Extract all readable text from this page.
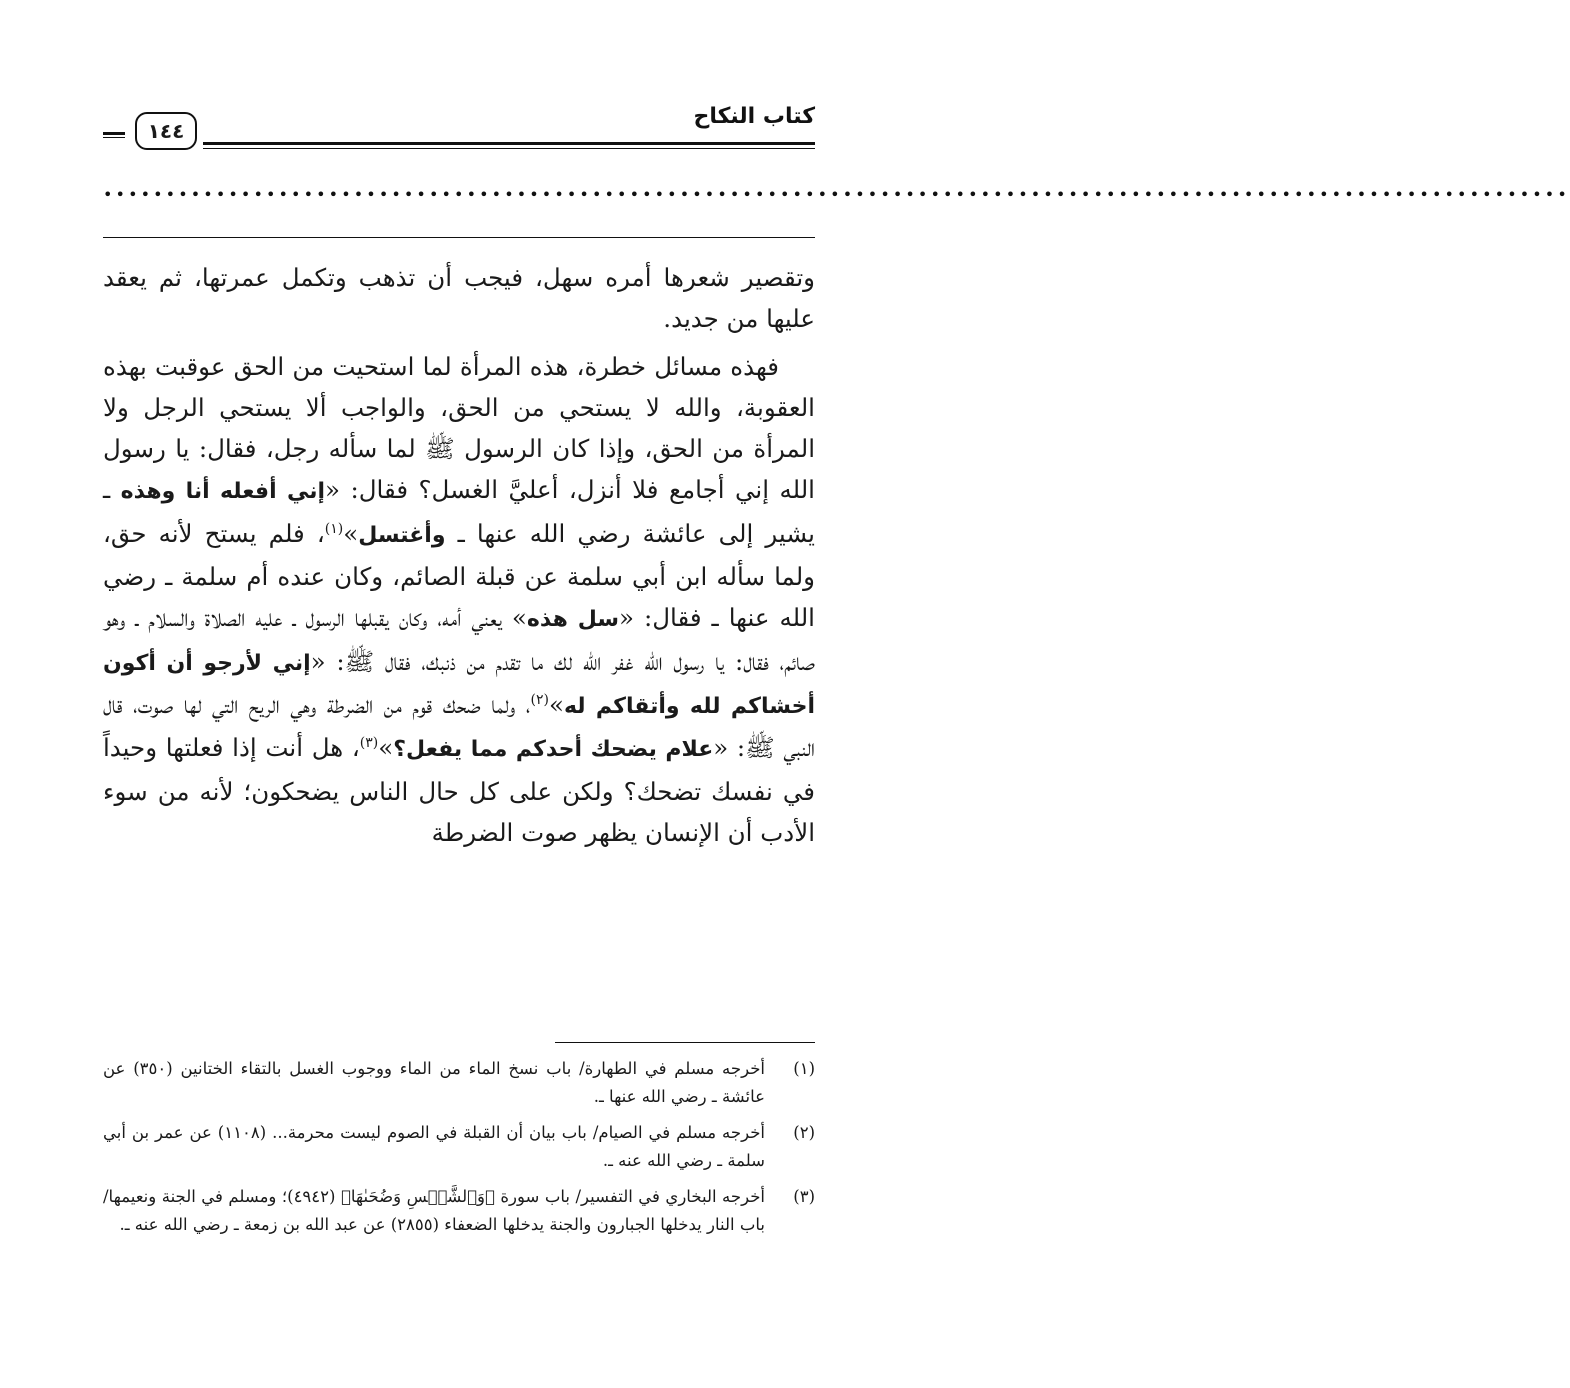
كتاب النكاح
١٤٤
•••••••••••••••••••••••••••••••••••••••••••••••••••••••••••••••••••••••••••••••••••••••••••••••••••••••••••••••••••••

وتقصير شعرها أمره سهل، فيجب أن تذهب وتكمل عمرتها، ثم يعقد عليها من جديد.

فهذه مسائل خطرة، هذه المرأة لما استحيت من الحق عوقبت بهذه العقوبة، والله لا يستحي من الحق، والواجب ألا يستحي الرجل ولا المرأة من الحق، وإذا كان الرسول ﷺ لما سأله رجل، فقال: يا رسول الله إني أجامع فلا أنزل، أعليَّ الغسل؟ فقال: «إني أفعله أنا وهذه ـ يشير إلى عائشة رضي الله عنها ـ وأغتسل»$^{(١)}$، فلم يستح لأنه حق، ولما سأله ابن أبي سلمة عن قبلة الصائم، وكان عنده أم سلمة ـ رضي الله عنها ـ فقال: «سل هذه» يعني أمه، وكان يقبلها الرسول ـ عليه الصلاة والسلام ـ وهو صائم، فقال: يا رسول الله غفر الله لك ما تقدم من ذنبك، فقال ﷺ: «إني لأرجو أن أكون أخشاكم لله وأتقاكم له»$^{(٢)}$، ولما ضحك قوم من الضرطة وهي الريح التي لها صوت، قال النبي ﷺ: «علام يضحك أحدكم مما يفعل؟»$^{(٣)}$، هل أنت إذا فعلتها وحيداً في نفسك تضحك؟ ولكن على كل حال الناس يضحكون؛ لأنه من سوء الأدب أن الإنسان يظهر صوت الضرطة

(١)
أخرجه مسلم في الطهارة/ باب نسخ الماء من الماء ووجوب الغسل بالتقاء الختانين (٣٥٠) عن عائشة ـ رضي الله عنها ـ.
(٢)
أخرجه مسلم في الصيام/ باب بيان أن القبلة في الصوم ليست محرمة... (١١٠٨) عن عمر بن أبي سلمة ـ رضي الله عنه ـ.
(٣)
أخرجه البخاري في التفسير/ باب سورة ﴿وَٱلشَّمۡسِ وَضُحَىٰهَا﴾ (٤٩٤٢)؛ ومسلم في الجنة ونعيمها/ باب النار يدخلها الجبارون والجنة يدخلها الضعفاء (٢٨٥٥) عن عبد الله بن زمعة ـ رضي الله عنه ـ.
